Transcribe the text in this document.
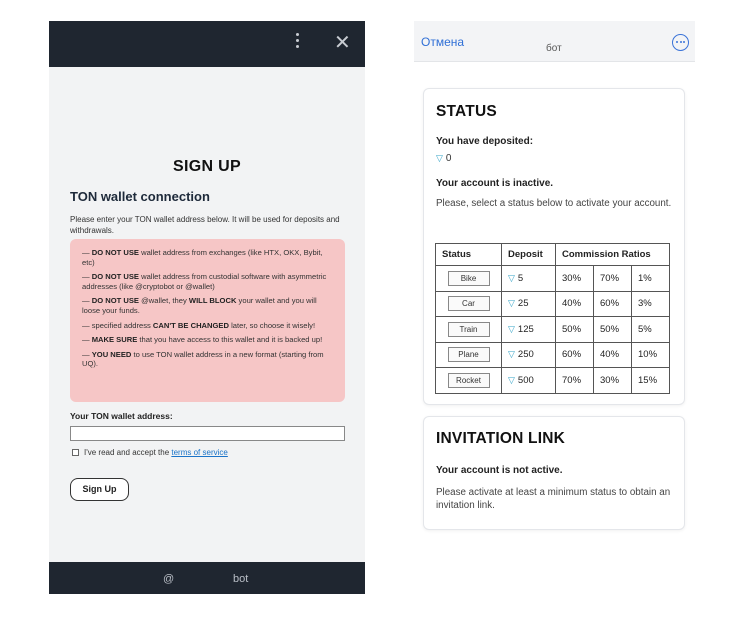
✕
SIGN UP
TON wallet connection
Please enter your TON wallet address below. It will be used for deposits and withdrawals.

— DO NOT USE wallet address from exchanges (like HTX, OKX, Bybit, etc)

— DO NOT USE wallet address from custodial software with asymmetric addresses (like @cryptobot or @wallet)

— DO NOT USE @wallet, they WILL BLOCK your wallet and you will loose your funds.

— specified address CAN'T BE CHANGED later, so choose it wisely!

— MAKE SURE that you have access to this wallet and it is backed up!

— YOU NEED to use TON wallet address in a new format (starting from UQ).

Your TON wallet address:
I've read and accept the
terms of service
Sign Up
@	bot
Отмена	бот
STATUS
You have deposited:
▽ 0
Your account is inactive.
Please, select a status below to activate your account.
Status	Deposit	Commission Ratios		
Bike	▽ 5	30%	70%	1%
Car	▽ 25	40%	60%	3%
Train	▽ 125	50%	50%	5%
Plane	▽ 250	60%	40%	10%
Rocket	▽ 500	70%	30%	15%
INVITATION LINK
Your account is not active.
Please activate at least a minimum status to obtain an invitation link.
